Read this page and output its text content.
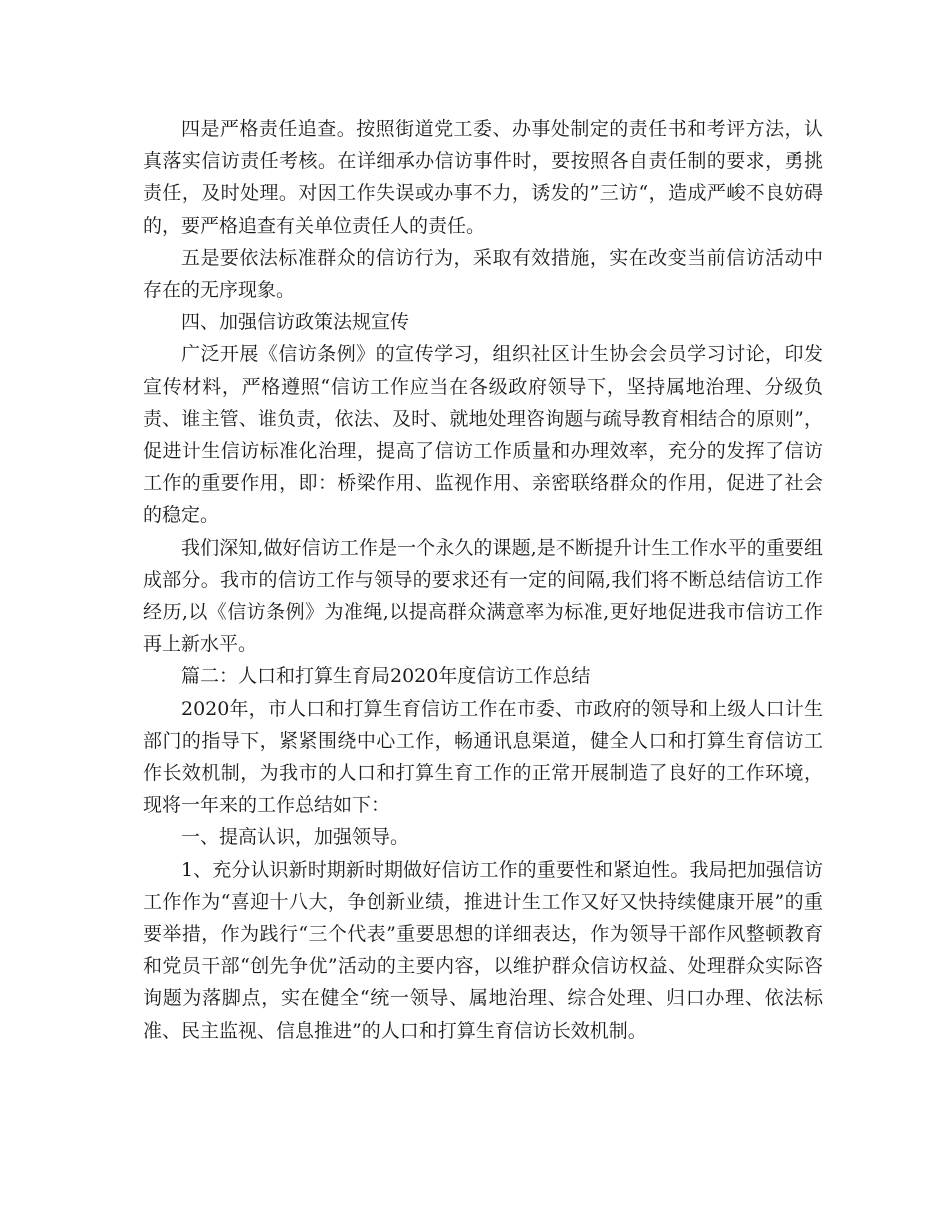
四是严格责任追查。按照街道党工委、办事处制定的责任书和考评方法，认真落实信访责任考核。在详细承办信访事件时，要按照各自责任制的要求，勇挑责任，及时处理。对因工作失误或办事不力，诱发的”三访“，造成严峻不良妨碍的，要严格追查有关单位责任人的责任。

五是要依法标准群众的信访行为，采取有效措施，实在改变当前信访活动中存在的无序现象。

四、加强信访政策法规宣传

广泛开展《信访条例》的宣传学习，组织社区计生协会会员学习讨论，印发宣传材料，严格遵照“信访工作应当在各级政府领导下，坚持属地治理、分级负责、谁主管、谁负责，依法、及时、就地处理咨询题与疏导教育相结合的原则”，促进计生信访标准化治理，提高了信访工作质量和办理效率，充分的发挥了信访工作的重要作用，即：桥梁作用、监视作用、亲密联络群众的作用，促进了社会的稳定。

我们深知,做好信访工作是一个永久的课题,是不断提升计生工作水平的重要组成部分。我市的信访工作与领导的要求还有一定的间隔,我们将不断总结信访工作经历,以《信访条例》为准绳,以提高群众满意率为标准,更好地促进我市信访工作再上新水平。

篇二：人口和打算生育局2020年度信访工作总结

2020年，市人口和打算生育信访工作在市委、市政府的领导和上级人口计生部门的指导下，紧紧围绕中心工作，畅通讯息渠道，健全人口和打算生育信访工作长效机制，为我市的人口和打算生育工作的正常开展制造了良好的工作环境，现将一年来的工作总结如下：

一、提高认识，加强领导。

1、充分认识新时期新时期做好信访工作的重要性和紧迫性。我局把加强信访工作作为“喜迎十八大，争创新业绩，推进计生工作又好又快持续健康开展”的重要举措，作为践行“三个代表”重要思想的详细表达，作为领导干部作风整顿教育和党员干部“创先争优”活动的主要内容，以维护群众信访权益、处理群众实际咨询题为落脚点，实在健全“统一领导、属地治理、综合处理、归口办理、依法标准、民主监视、信息推进”的人口和打算生育信访长效机制。
